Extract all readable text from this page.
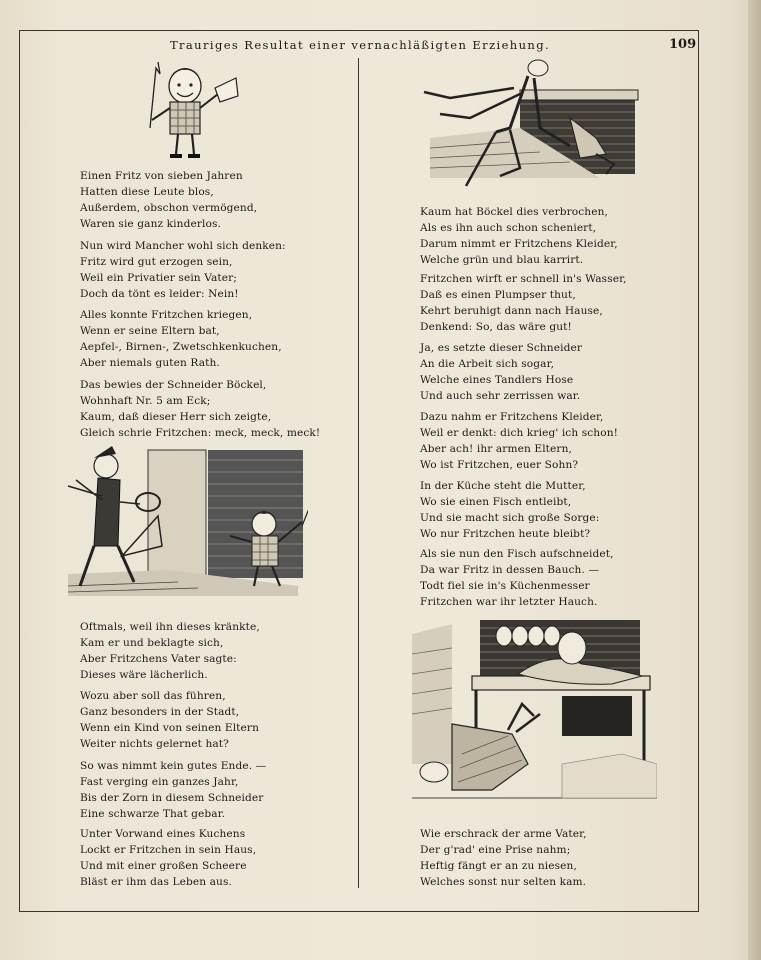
Trauriges Resultat einer vernachläßigten Erziehung.	109
Einen Fritz von sieben Jahren
Hatten diese Leute blos,
Außerdem, obschon vermögend,
Waren sie ganz kinderlos.
Nun wird Mancher wohl sich denken:
Fritz wird gut erzogen sein,
Weil ein Privatier sein Vater;
Doch da tönt es leider: Nein!
Alles konnte Fritzchen kriegen,
Wenn er seine Eltern bat,
Aepfel-, Birnen-, Zwetschkenkuchen,
Aber niemals guten Rath.
Das bewies der Schneider Böckel,
Wohnhaft Nr. 5 am Eck;
Kaum, daß dieser Herr sich zeigte,
Gleich schrie Fritzchen: meck, meck, meck!
Oftmals, weil ihn dieses kränkte,
Kam er und beklagte sich,
Aber Fritzchens Vater sagte:
Dieses wäre lächerlich.
Wozu aber soll das führen,
Ganz besonders in der Stadt,
Wenn ein Kind von seinen Eltern
Weiter nichts gelernet hat?
So was nimmt kein gutes Ende. —
Fast verging ein ganzes Jahr,
Bis der Zorn in diesem Schneider
Eine schwarze That gebar.
Unter Vorwand eines Kuchens
Lockt er Fritzchen in sein Haus,
Und mit einer großen Scheere
Bläst er ihm das Leben aus.
Kaum hat Böckel dies verbrochen,
Als es ihn auch schon scheniert,
Darum nimmt er Fritzchens Kleider,
Welche grün und blau karrirt.
Fritzchen wirft er schnell in's Wasser,
Daß es einen Plumpser thut,
Kehrt beruhigt dann nach Hause,
Denkend: So, das wäre gut!
Ja, es setzte dieser Schneider
An die Arbeit sich sogar,
Welche eines Tandlers Hose
Und auch sehr zerrissen war.
Dazu nahm er Fritzchens Kleider,
Weil er denkt: dich krieg' ich schon!
Aber ach! ihr armen Eltern,
Wo ist Fritzchen, euer Sohn?
In der Küche steht die Mutter,
Wo sie einen Fisch entleibt,
Und sie macht sich große Sorge:
Wo nur Fritzchen heute bleibt?
Als sie nun den Fisch aufschneidet,
Da war Fritz in dessen Bauch. —
Todt fiel sie in's Küchenmesser
Fritzchen war ihr letzter Hauch.
Wie erschrack der arme Vater,
Der g'rad' eine Prise nahm;
Heftig fängt er an zu niesen,
Welches sonst nur selten kam.
